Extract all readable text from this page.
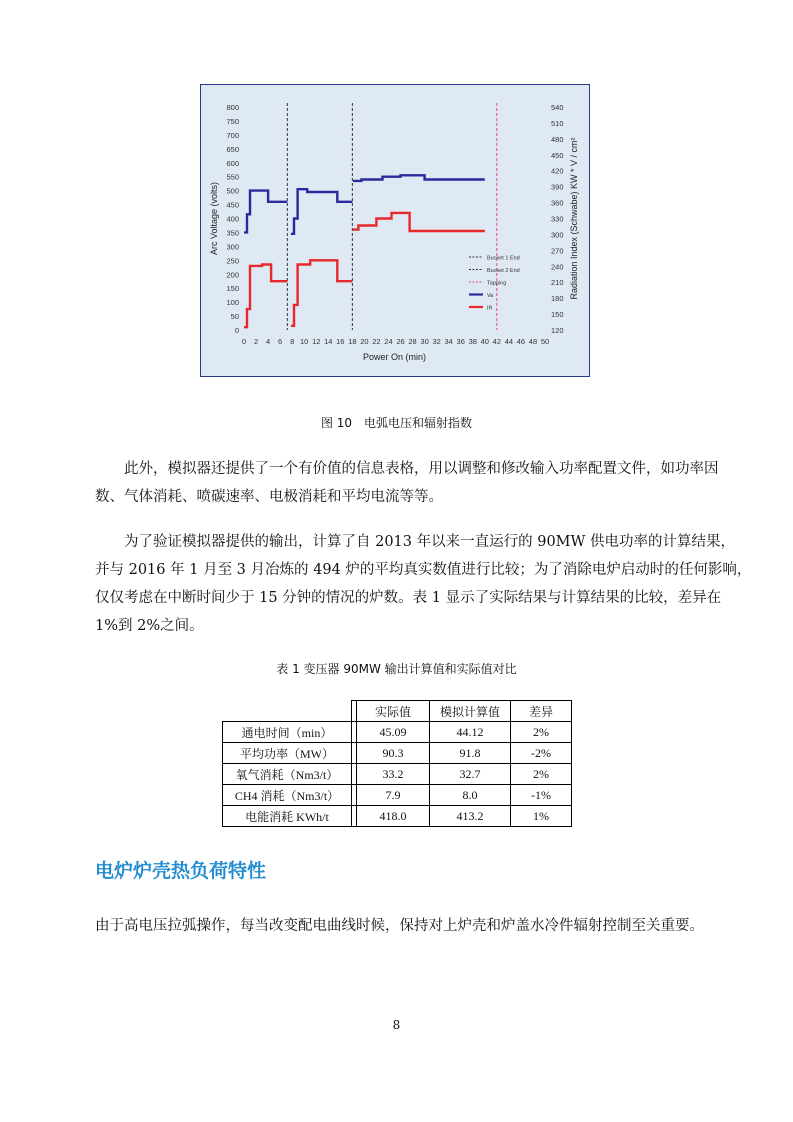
0
50
100
150
200
250
300
350
400
450
500
550
600
650
700
750
800
120
150
180
210
240
270
300
330
360
390
420
450
480
510
540
0 2 4 6 8 10 12 14 16 18 20 22 24 26 28 30 32 34 36 38 40 42 44 46 48 50
Power On (min)
Arc Voltage (volts)	Radiation Index (Schwabe) KW * V / cm²
Bucket 1 End
Bucket 2 End
Tapping
Va
IR
图 10　电弧电压和辐射指数
　　此外，模拟器还提供了一个有价值的信息表格，用以调整和修改输入功率配置文件，如功率因
数、气体消耗、喷碳速率、电极消耗和平均电流等等。
　　为了验证模拟器提供的输出，计算了自 2013 年以来一直运行的 90MW 供电功率的计算结果，
并与 2016 年 1 月至 3 月冶炼的 494 炉的平均真实数值进行比较；为了消除电炉启动时的任何影响，
仅仅考虑在中断时间少于 15 分钟的情况的炉数。表 1 显示了实际结果与计算结果的比较，差异在
1%到 2%之间。
表 1 变压器 90MW 输出计算值和实际值对比
		实际值	模拟计算值	差异
通电时间（min）		45.09	44.12	2%
平均功率（MW）		90.3	91.8	-2%
氧气消耗（Nm3/t）		33.2	32.7	2%
CH4 消耗（Nm3/t）		7.9	8.0	-1%
电能消耗 KWh/t		418.0	413.2	1%
电炉炉壳热负荷特性
由于高电压拉弧操作，每当改变配电曲线时候，保持对上炉壳和炉盖水冷件辐射控制至关重要。
8
